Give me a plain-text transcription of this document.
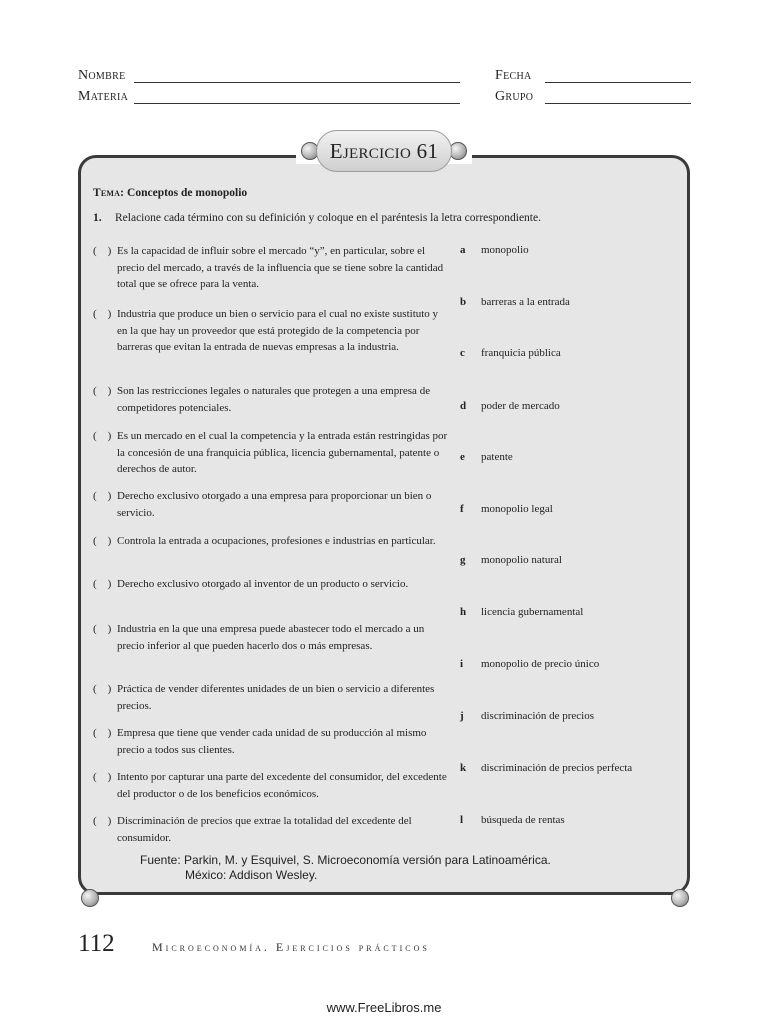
Nombre
Materia
Fecha
Grupo
Ejercicio 61
Tema: Conceptos de monopolio
1. Relacione cada término con su definición y coloque en el paréntesis la letra correspondiente.
(    ) Es la capacidad de influir sobre el mercado “y”, en particular, sobre el precio del mercado, a través de la influencia que se tiene sobre la cantidad total que se ofrece para la venta.
(    ) Industria que produce un bien o servicio para el cual no existe sustituto y en la que hay un proveedor que está protegido de la competencia por barreras que evitan la entrada de nuevas empresas a la industria.
(    ) Son las restricciones legales o naturales que protegen a una empresa de competidores potenciales.
(    ) Es un mercado en el cual la competencia y la entrada están restringidas por la concesión de una franquicia pública, licencia gubernamental, patente o derechos de autor.
(    ) Derecho exclusivo otorgado a una empresa para proporcionar un bien o servicio.
(    ) Controla la entrada a ocupaciones, profesiones e industrias en particular.
(    ) Derecho exclusivo otorgado al inventor de un producto o servicio.
(    ) Industria en la que una empresa puede abastecer todo el mercado a un precio inferior al que pueden hacerlo dos o más empresas.
(    ) Práctica de vender diferentes unidades de un bien o servicio a diferentes precios.
(    ) Empresa que tiene que vender cada unidad de su producción al mismo precio a todos sus clientes.
(    ) Intento por capturar una parte del excedente del consumidor, del excedente del productor o de los beneficios económicos.
(    ) Discriminación de precios que extrae la totalidad del excedente del consumidor.
a monopolio
b barreras a la entrada
c franquicia pública
d poder de mercado
e patente
f monopolio legal
g monopolio natural
h licencia gubernamental
i monopolio de precio único
j discriminación de precios
k discriminación de precios perfecta
l búsqueda de rentas
Fuente: Parkin, M. y Esquivel, S. Microeconomía versión para Latinoamérica.
México: Addison Wesley.
112	Microeconomía. Ejercicios prácticos
www.FreeLibros.me
